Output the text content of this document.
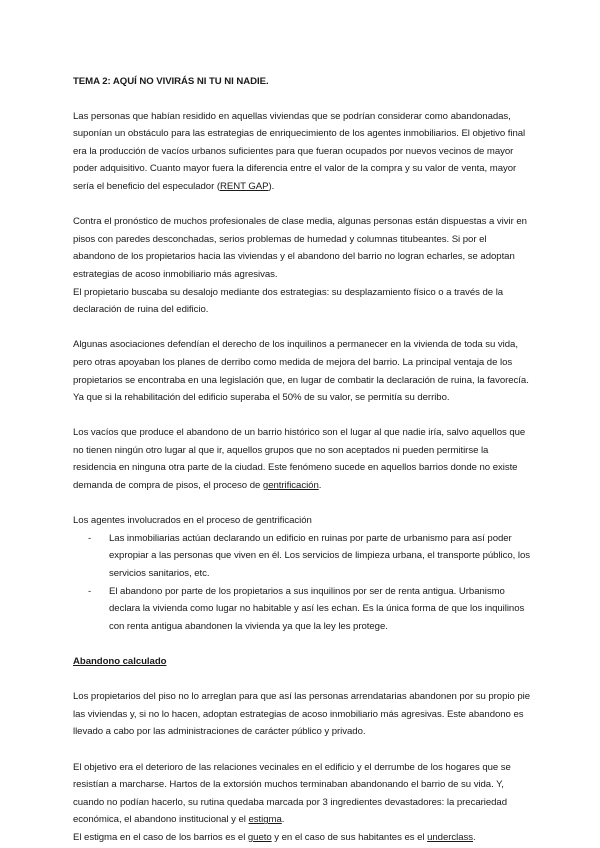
TEMA 2: AQUÍ NO VIVIRÁS NI TU NI NADIE.

Las personas que habían residido en aquellas viviendas que se podrían considerar como abandonadas, suponían un obstáculo para las estrategias de enriquecimiento de los agentes inmobiliarios. El objetivo final era la producción de vacíos urbanos suficientes para que fueran ocupados por nuevos vecinos de mayor poder adquisitivo. Cuanto mayor fuera la diferencia entre el valor de la compra y su valor de venta, mayor sería el beneficio del especulador (RENT GAP).

Contra el pronóstico de muchos profesionales de clase media, algunas personas están dispuestas a vivir en pisos con paredes desconchadas, serios problemas de humedad y columnas titubeantes. Si por el abandono de los propietarios hacia las viviendas y el abandono del barrio no logran echarles, se adoptan estrategias de acoso inmobiliario más agresivas.

El propietario buscaba su desalojo mediante dos estrategias: su desplazamiento físico o a través de la declaración de ruina del edificio.

Algunas asociaciones defendían el derecho de los inquilinos a permanecer en la vivienda de toda su vida, pero otras apoyaban los planes de derribo como medida de mejora del barrio. La principal ventaja de los propietarios se encontraba en una legislación que, en lugar de combatir la declaración de ruina, la favorecía. Ya que si la rehabilitación del edificio superaba el 50% de su valor, se permitía su derribo.

Los vacíos que produce el abandono de un barrio histórico son el lugar al que nadie iría, salvo aquellos que no tienen ningún otro lugar al que ir, aquellos grupos que no son aceptados ni pueden permitirse la residencia en ninguna otra parte de la ciudad. Este fenómeno sucede en aquellos barrios donde no existe demanda de compra de pisos, el proceso de gentrificación.

Los agentes involucrados en el proceso de gentrificación

- Las inmobiliarias actúan declarando un edificio en ruinas por parte de urbanismo para así poder expropiar a las personas que viven en él. Los servicios de limpieza urbana, el transporte público, los servicios sanitarios, etc.
- El abandono por parte de los propietarios a sus inquilinos por ser de renta antigua. Urbanismo declara la vivienda como lugar no habitable y así les echan. Es la única forma de que los inquilinos con renta antigua abandonen la vivienda ya que la ley les protege.

Abandono calculado

Los propietarios del piso no lo arreglan para que así las personas arrendatarias abandonen por su propio pie las viviendas y, si no lo hacen, adoptan estrategias de acoso inmobiliario más agresivas. Este abandono es llevado a cabo por las administraciones de carácter público y privado.

El objetivo era el deterioro de las relaciones vecinales en el edificio y el derrumbe de los hogares que se resistían a marcharse. Hartos de la extorsión muchos terminaban abandonando el barrio de su vida. Y, cuando no podían hacerlo, su rutina quedaba marcada por 3 ingredientes devastadores: la precariedad económica, el abandono institucional y el estigma.

El estigma en el caso de los barrios es el gueto y en el caso de sus habitantes es el underclass.
